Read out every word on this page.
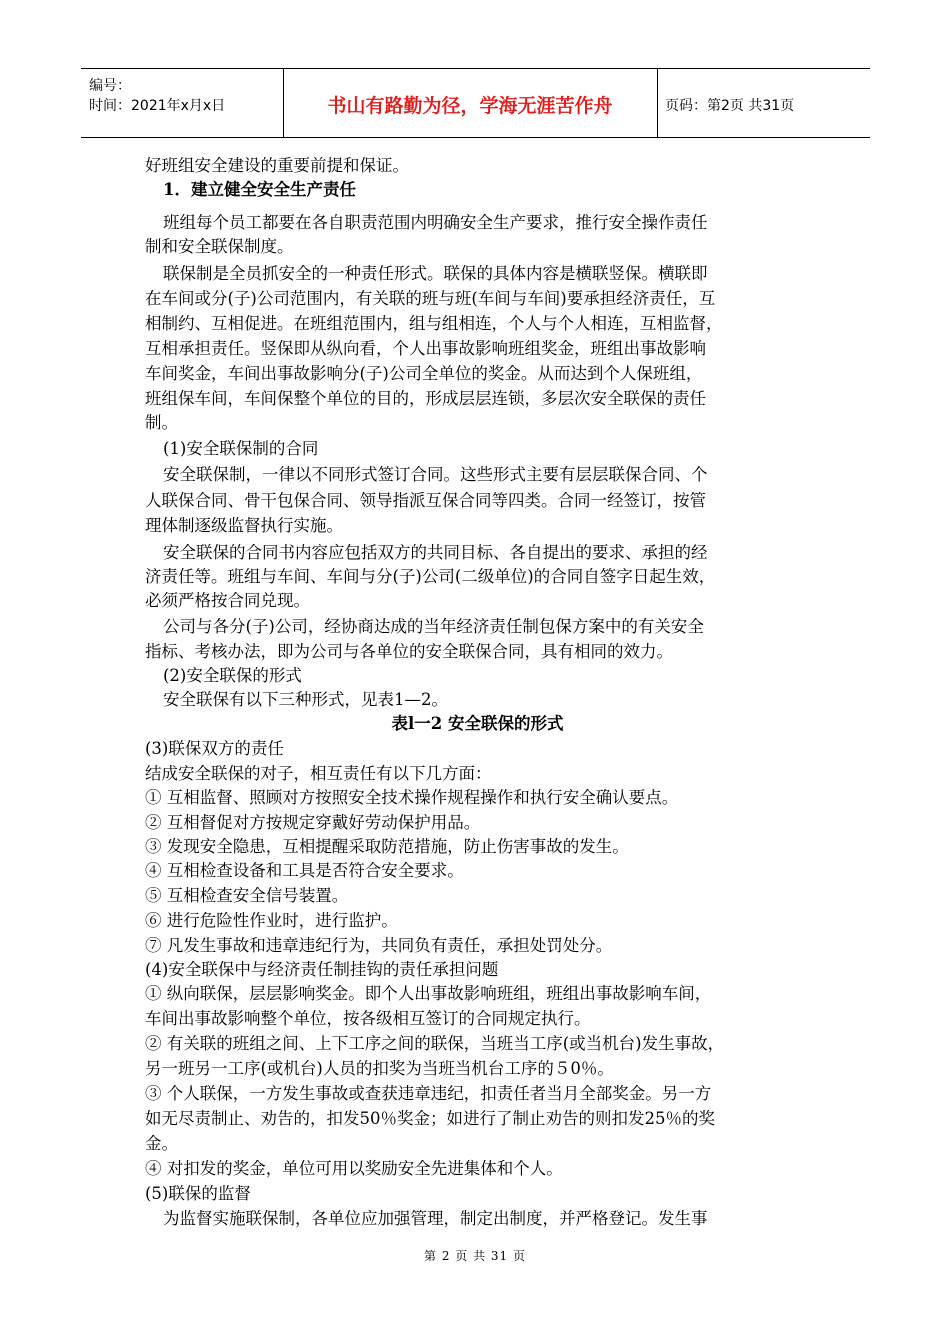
编号：
时间：2021年x月x日	书山有路勤为径，学海无涯苦作舟	页码：第2页 共31页
好班组安全建设的重要前提和保证。
1．建立健全安全生产责任
班组每个员工都要在各自职责范围内明确安全生产要求，推行安全操作责任
制和安全联保制度。
联保制是全员抓安全的一种责任形式。联保的具体内容是横联竖保。横联即
在车间或分(子)公司范围内，有关联的班与班(车间与车间)要承担经济责任，互
相制约、互相促进。在班组范围内，组与组相连，个人与个人相连，互相监督，
互相承担责任。竖保即从纵向看，个人出事故影响班组奖金，班组出事故影响
车间奖金，车间出事故影响分(子)公司全单位的奖金。从而达到个人保班组，
班组保车间，车间保整个单位的目的，形成层层连锁，多层次安全联保的责任
制。
(1)安全联保制的合同
安全联保制，一律以不同形式签订合同。这些形式主要有层层联保合同、个
人联保合同、骨干包保合同、领导指派互保合同等四类。合同一经签订，按管
理体制逐级监督执行实施。
安全联保的合同书内容应包括双方的共同目标、各自提出的要求、承担的经
济责任等。班组与车间、车间与分(子)公司(二级单位)的合同自签字日起生效，
必须严格按合同兑现。
公司与各分(子)公司，经协商达成的当年经济责任制包保方案中的有关安全
指标、考核办法，即为公司与各单位的安全联保合同，具有相同的效力。
(2)安全联保的形式
安全联保有以下三种形式，见表1—2。
表l一2 安全联保的形式
(3)联保双方的责任
结成安全联保的对子，相互责任有以下几方面：
① 互相监督、照顾对方按照安全技术操作规程操作和执行安全确认要点。
② 互相督促对方按规定穿戴好劳动保护用品。
③ 发现安全隐患，互相提醒采取防范措施，防止伤害事故的发生。
④ 互相检查设备和工具是否符合安全要求。
⑤ 互相检查安全信号装置。
⑥ 进行危险性作业时，进行监护。
⑦ 凡发生事故和违章违纪行为，共同负有责任，承担处罚处分。
(4)安全联保中与经济责任制挂钩的责任承担问题
① 纵向联保，层层影响奖金。即个人出事故影响班组，班组出事故影响车间，
车间出事故影响整个单位，按各级相互签订的合同规定执行。
② 有关联的班组之间、上下工序之间的联保，当班当工序(或当机台)发生事故，
另一班另一工序(或机台)人员的扣奖为当班当机台工序的５0％。
③ 个人联保，一方发生事故或查获违章违纪，扣责任者当月全部奖金。另一方
如无尽责制止、劝告的，扣发50％奖金；如进行了制止劝告的则扣发25％的奖
金。
④ 对扣发的奖金，单位可用以奖励安全先进集体和个人。
(5)联保的监督
为监督实施联保制，各单位应加强管理，制定出制度，并严格登记。发生事
第 2 页 共 31 页
